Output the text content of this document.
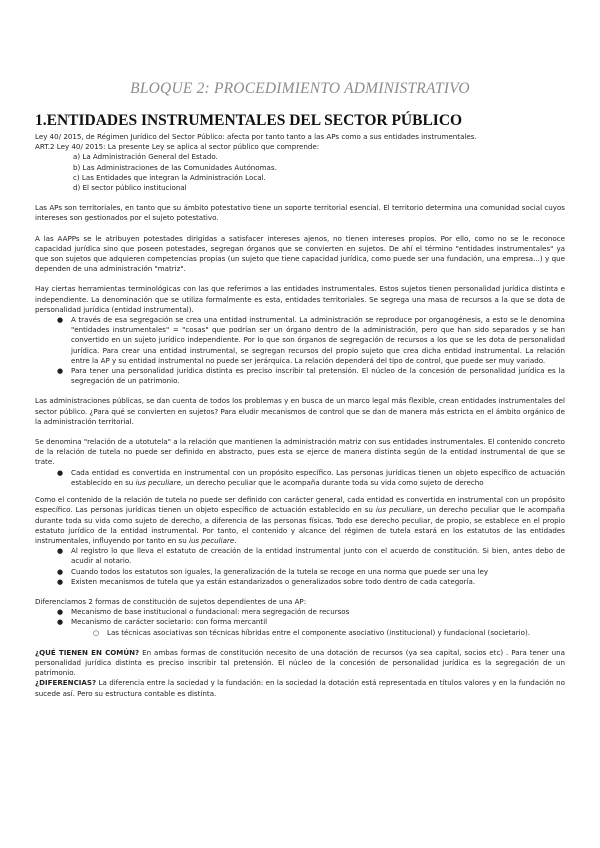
BLOQUE 2: PROCEDIMIENTO ADMINISTRATIVO
1.ENTIDADES INSTRUMENTALES DEL SECTOR PÚBLICO

Ley 40/ 2015, de Régimen Jurídico del Sector Público: afecta por tanto tanto a las APs como a sus entidades instrumentales.

ART.2 Ley 40/ 2015: La presente Ley se aplica al sector público que comprende:

a) La Administración General del Estado.
b) Las Administraciones de las Comunidades Autónomas.
c) Las Entidades que integran la Administración Local.
d) El sector público institucional

Las APs son territoriales, en tanto que su ámbito potestativo tiene un soporte territorial esencial. El territorio determina una comunidad social cuyos intereses son gestionados por el sujeto potestativo.

A las AAPPs se le atribuyen potestades dirigidas a satisfacer intereses ajenos, no tienen intereses propios. Por ello, como no se le reconoce capacidad jurídica sino que poseen potestades, segregan órganos que se convierten en sujetos. De ahí el término "entidades instrumentales" ya que son sujetos que adquieren competencias propias (un sujeto que tiene capacidad jurídica, como puede ser una fundación, una empresa...) y que dependen de una administración "matriz".

Hay ciertas herramientas terminológicas con las que referirnos a las entidades instrumentales. Estos sujetos tienen personalidad jurídica distinta e independiente. La denominación que se utiliza formalmente es esta, entidades territoriales. Se segrega una masa de recursos a la que se dota de personalidad jurídica (entidad instrumental).

● A través de esa segregación se crea una entidad instrumental. La administración se reproduce por organogénesis, a esto se le denomina "entidades instrumentales" = "cosas" que podrían ser un órgano dentro de la administración, pero que han sido separados y se han convertido en un sujeto jurídico independiente. Por lo que son órganos de segregación de recursos a los que se les dota de personalidad jurídica. Para crear una entidad instrumental, se segregan recursos del propio sujeto que crea dicha entidad instrumental. La relación entre la AP y su entidad instrumental no puede ser jerárquica. La relación dependerá del tipo de control, que puede ser muy variado.
● Para tener una personalidad jurídica distinta es preciso inscribir tal pretensión. El núcleo de la concesión de personalidad jurídica es la segregación de un patrimonio.

Las administraciones públicas, se dan cuenta de todos los problemas y en busca de un marco legal más flexible, crean entidades instrumentales del sector público. ¿Para qué se convierten en sujetos? Para eludir mecanismos de control que se dan de manera más estricta en el ámbito orgánico de la administración territorial.

Se denomina "relación de a utotutela" a la relación que mantienen la administración matriz con sus entidades instrumentales. El contenido concreto de la relación de tutela no puede ser definido en abstracto, pues esta se ejerce de manera distinta según de la entidad instrumental de que se trate.

● Cada entidad es convertida en instrumental con un propósito específico. Las personas jurídicas tienen un objeto específico de actuación establecido en su ius peculiare, un derecho peculiar que le acompaña durante toda su vida como sujeto de derecho

Como el contenido de la relación de tutela no puede ser definido con carácter general, cada entidad es convertida en instrumental con un propósito específico. Las personas jurídicas tienen un objeto específico de actuación establecido en su ius peculiare, un derecho peculiar que le acompaña durante toda su vida como sujeto de derecho, a diferencia de las personas físicas. Todo ese derecho peculiar, de propio, se establece en el propio estatuto jurídico de la entidad instrumental. Por tanto, el contenido y alcance del régimen de tutela estará en los estatutos de las entidades instrumentales, influyendo por tanto en su ius peculiare.

● Al registro lo que lleva el estatuto de creación de la entidad instrumental junto con el acuerdo de constitución. Si bien, antes debo de acudir al notario.
● Cuando todos los estatutos son iguales, la generalización de la tutela se recoge en una norma que puede ser una ley
● Existen mecanismos de tutela que ya están estandarizados o generalizados sobre todo dentro de cada categoría.

Diferenciamos 2 formas de constitución de sujetos dependientes de una AP:

● Mecanismo de base institucional o fundacional: mera segregación de recursos
● Mecanismo de carácter societario: con forma mercantil
○ Las técnicas asociativas son técnicas híbridas entre el componente asociativo (institucional) y fundacional (societario).

¿QUÉ TIENEN EN COMÚN? En ambas formas de constitución necesito de una dotación de recursos (ya sea capital, socios etc) . Para tener una personalidad jurídica distinta es preciso inscribir tal pretensión. El núcleo de la concesión de personalidad jurídica es la segregación de un patrimonio.

¿DIFERENCIAS? La diferencia entre la sociedad y la fundación: en la sociedad la dotación está representada en títulos valores y en la fundación no sucede así. Pero su estructura contable es distinta.
